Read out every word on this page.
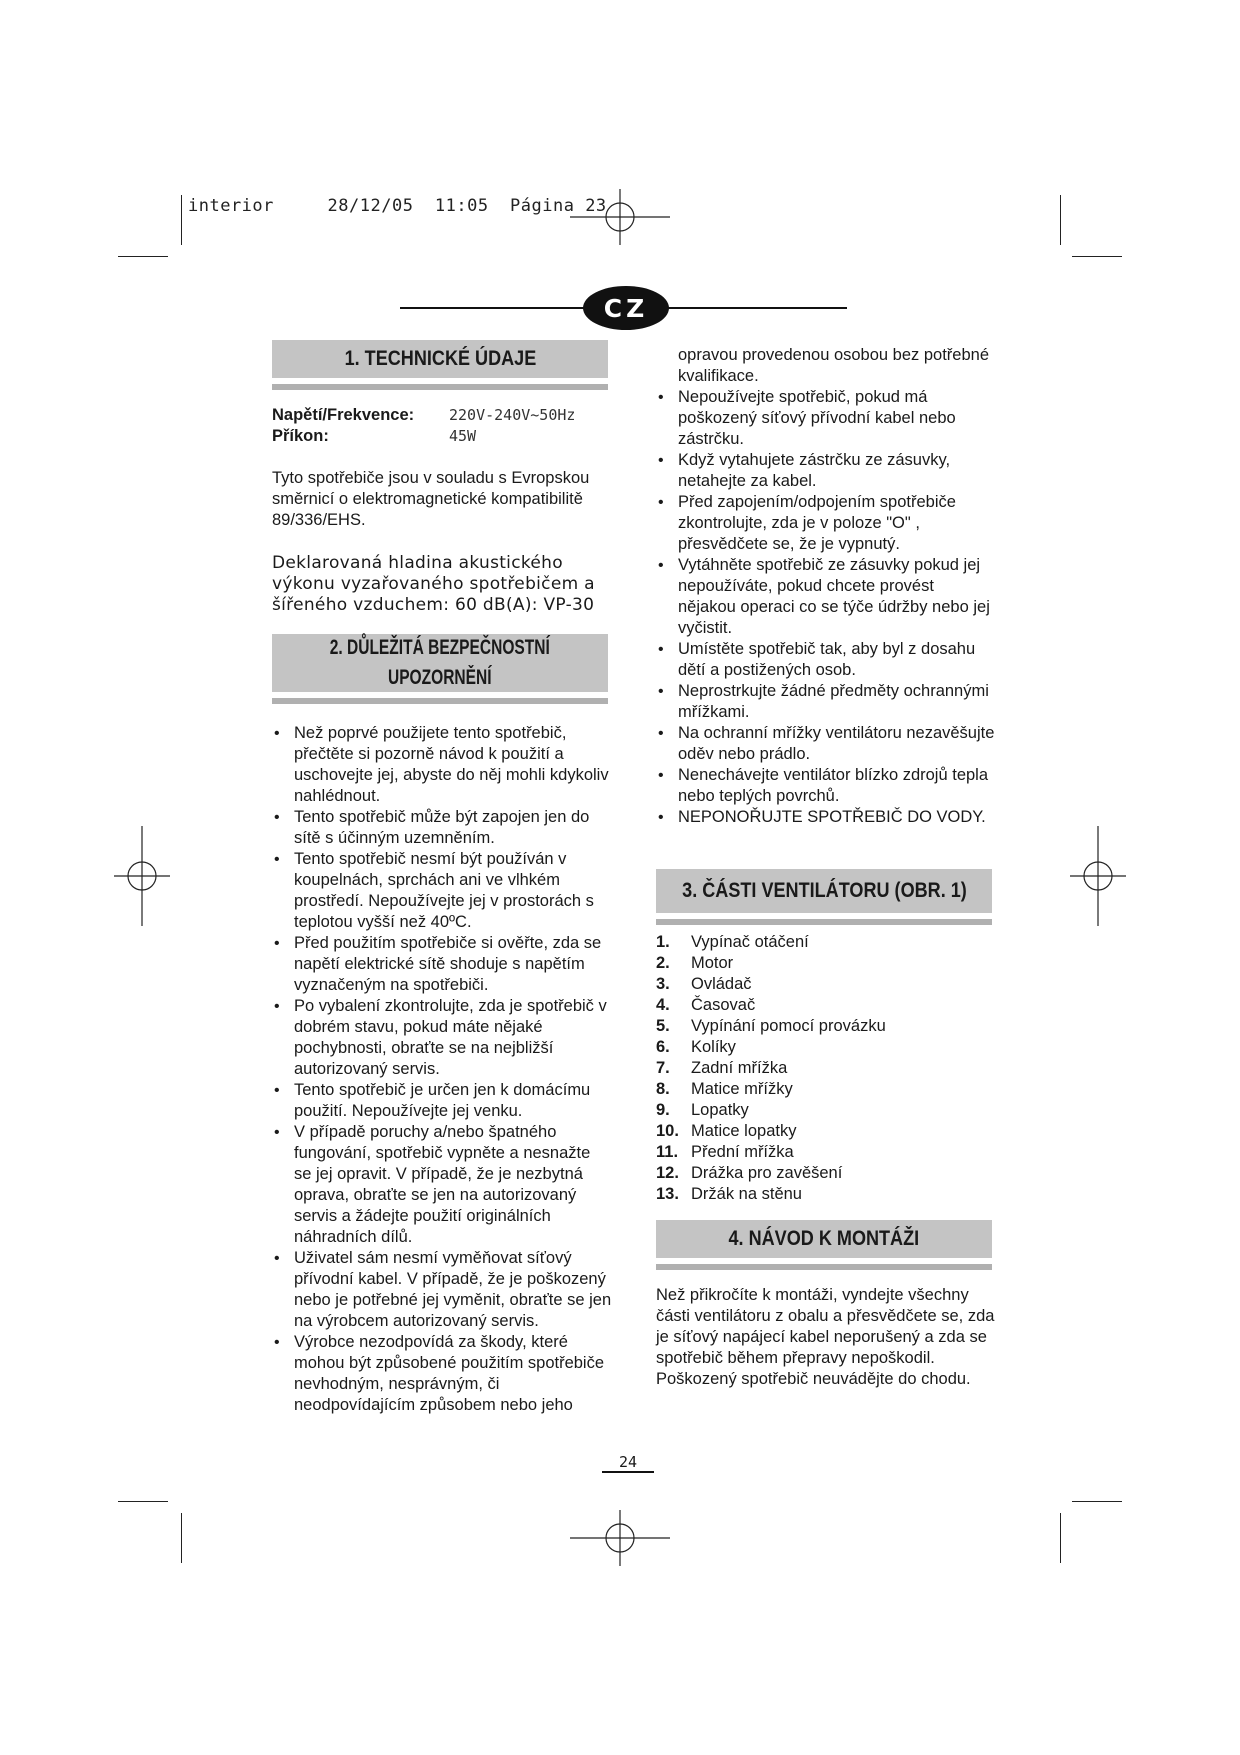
interior     28/12/05  11:05  Página 23
CZ
1. TECHNICKÉ ÚDAJE
Napětí/Frekvence:	220V-240V~50Hz
Příkon:	45W
Tyto spotřebiče jsou v souladu s Evropskou směrnicí o elektromagnetické kompatibilitě 89/336/EHS.
Deklarovaná hladina akustického výkonu vyzařovaného spotřebičem a šířeného vzduchem: 60 dB(A): VP-30
2. DŮLEŽITÁ BEZPEČNOSTNÍ
UPOZORNĚNÍ
• Než poprvé použijete tento spotřebič, přečtěte si pozorně návod k použití a uschovejte jej, abyste do něj mohli kdykoliv nahlédnout.
• Tento spotřebič může být zapojen jen do sítě s účinným uzemněním.
• Tento spotřebič nesmí být používán v koupelnách, sprchách ani ve vlhkém prostředí. Nepoužívejte jej v prostorách s teplotou vyšší než 40ºC.
• Před použitím spotřebiče si ověřte, zda se napětí elektrické sítě shoduje s napětím vyznačeným na spotřebiči.
• Po vybalení zkontrolujte, zda je spotřebič v dobrém stavu, pokud máte nějaké pochybnosti, obraťte se na nejbližší autorizovaný servis.
• Tento spotřebič je určen jen k domácímu použití. Nepoužívejte jej venku.
• V případě poruchy a/nebo špatného fungování, spotřebič vypněte a nesnažte se jej opravit. V případě, že je nezbytná oprava, obraťte se jen na autorizovaný servis a žádejte použití originálních náhradních dílů.
• Uživatel sám nesmí vyměňovat síťový přívodní kabel. V případě, že je poškozený nebo je potřebné jej vyměnit, obraťte se jen na výrobcem autorizovaný servis.
• Výrobce nezodpovídá za škody, které mohou být způsobené použitím spotřebiče nevhodným, nesprávným, či neodpovídajícím způsobem nebo jeho
opravou provedenou osobou bez potřebné kvalifikace.
• Nepoužívejte spotřebič, pokud má poškozený síťový přívodní kabel nebo zástrčku.
• Když vytahujete zástrčku ze zásuvky, netahejte za kabel.
• Před zapojením/odpojením spotřebiče zkontrolujte, zda je v poloze "O" , přesvědčete se, že je vypnutý.
• Vytáhněte spotřebič ze zásuvky pokud jej nepoužíváte, pokud chcete provést nějakou operaci co se týče údržby nebo jej vyčistit.
• Umístěte spotřebič tak, aby byl z dosahu dětí a postižených osob.
• Neprostrkujte žádné předměty ochrannými mřížkami.
• Na ochranní mřížky ventilátoru nezavěšujte oděv nebo prádlo.
• Nenechávejte ventilátor blízko zdrojů tepla nebo teplých povrchů.
• NEPONOŘUJTE SPOTŘEBIČ DO VODY.
3. ČÁSTI VENTILÁTORU (OBR. 1)
1.	Vypínač otáčení
2.	Motor
3.	Ovládač
4.	Časovač
5.	Vypínání pomocí provázku
6.	Kolíky
7.	Zadní mřížka
8.	Matice mřížky
9.	Lopatky
10. Matice lopatky
11. Přední mřížka
12. Drážka pro zavěšení
13. Držák na stěnu
4. NÁVOD K MONTÁŽI
Než přikročíte k montáži, vyndejte všechny části ventilátoru z obalu a přesvědčete se, zda je síťový napájecí kabel neporušený a zda se spotřebič během přepravy nepoškodil. Poškozený spotřebič neuváděјte do chodu.
24
